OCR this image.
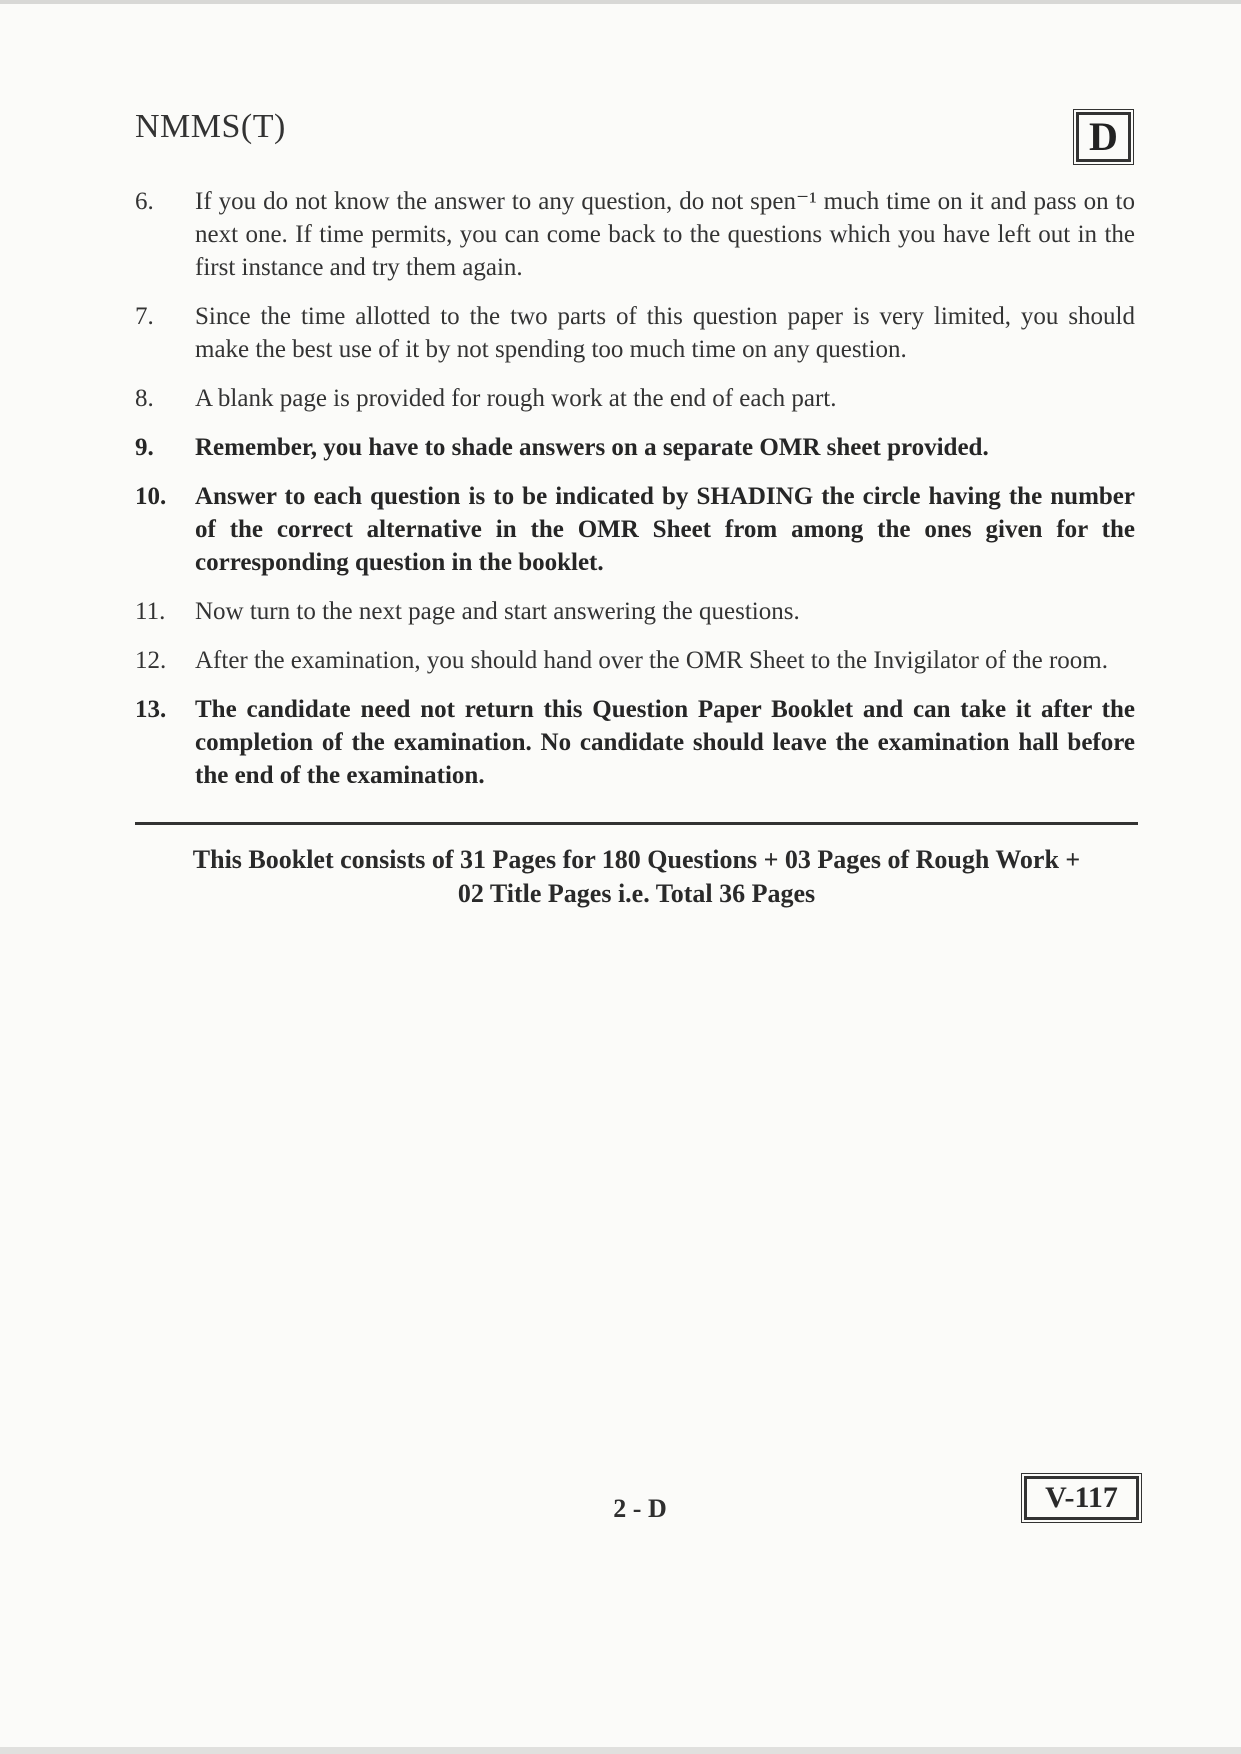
NMMS(T)	D
6.	If you do not know the answer to any question, do not spen⁻¹ much time on it and pass on to next one. If time permits, you can come back to the questions which you have left out in the first instance and try them again.
7.	Since the time allotted to the two parts of this question paper is very limited, you should make the best use of it by not spending too much time on any question.
8.	A blank page is provided for rough work at the end of each part.
9.	Remember, you have to shade answers on a separate OMR sheet provided.
10.	Answer to each question is to be indicated by SHADING the circle having the number of the correct alternative in the OMR Sheet from among the ones given for the corresponding question in the booklet.
11.	Now turn to the next page and start answering the questions.
12.	After the examination, you should hand over the OMR Sheet to the Invigilator of the room.
13.	The candidate need not return this Question Paper Booklet and can take it after the completion of the examination. No candidate should leave the examination hall before the end of the examination.
This Booklet consists of 31 Pages for 180 Questions + 03 Pages of Rough Work +
02 Title Pages i.e. Total 36 Pages
2 - D	V-117
